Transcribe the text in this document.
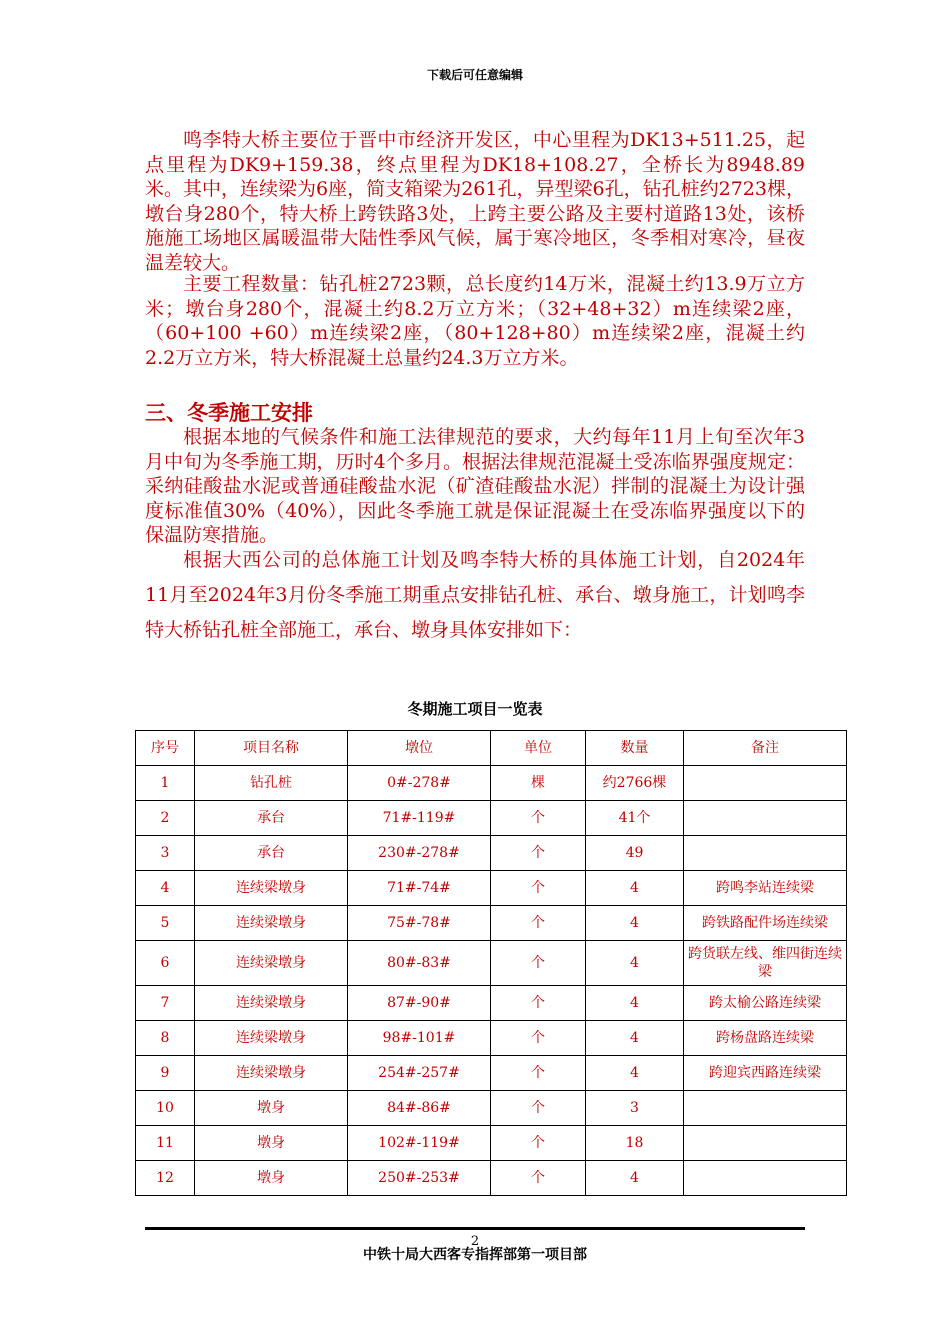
下载后可任意编辑

鸣李特大桥主要位于晋中市经济开发区，中心里程为DK13+511.25，起点里程为DK9+159.38，终点里程为DK18+108.27，全桥长为8948.89米。其中，连续梁为6座，简支箱梁为261孔，异型梁6孔，钻孔桩约2723棵，墩台身280个，特大桥上跨铁路3处，上跨主要公路及主要村道路13处，该桥施施工场地区属暖温带大陆性季风气候，属于寒冷地区，冬季相对寒冷，昼夜温差较大。

主要工程数量：钻孔桩2723颗，总长度约14万米，混凝土约13.9万立方米；墩台身280个，混凝土约8.2万立方米；（32+48+32）m连续梁2座，（60+100 +60）m连续梁2座，（80+128+80）m连续梁2座，混凝土约2.2万立方米，特大桥混凝土总量约24.3万立方米。

三、冬季施工安排

根据本地的气候条件和施工法律规范的要求，大约每年11月上旬至次年3月中旬为冬季施工期，历时4个多月。根据法律规范混凝土受冻临界强度规定：采纳硅酸盐水泥或普通硅酸盐水泥（矿渣硅酸盐水泥）拌制的混凝土为设计强度标准值30%（40%），因此冬季施工就是保证混凝土在受冻临界强度以下的保温防寒措施。

根据大西公司的总体施工计划及鸣李特大桥的具体施工计划，自2024年11月至2024年3月份冬季施工期重点安排钻孔桩、承台、墩身施工，计划鸣李特大桥钻孔桩全部施工，承台、墩身具体安排如下：

冬期施工项目一览表
序号	项目名称	墩位	单位	数量	备注
1	钻孔桩	0#-278#	棵	约2766棵	
2	承台	71#-119#	个	41个	
3	承台	230#-278#	个	49	
4	连续梁墩身	71#-74#	个	4	跨鸣李站连续梁
5	连续梁墩身	75#-78#	个	4	跨铁路配件场连续梁
6	连续梁墩身	80#-83#	个	4	跨货联左线、维四街连续梁
7	连续梁墩身	87#-90#	个	4	跨太榆公路连续梁
8	连续梁墩身	98#-101#	个	4	跨杨盘路连续梁
9	连续梁墩身	254#-257#	个	4	跨迎宾西路连续梁
10	墩身	84#-86#	个	3	
11	墩身	102#-119#	个	18	
12	墩身	250#-253#	个	4	
2
中铁十局大西客专指挥部第一项目部
